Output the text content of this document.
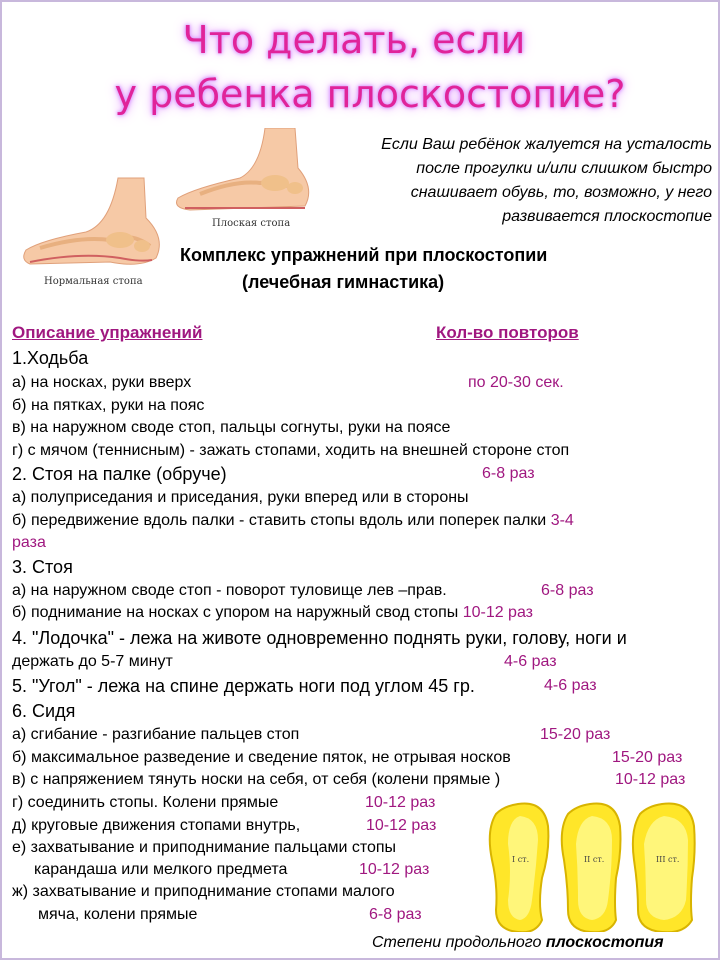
Что делать, если
у ребенка плоскостопие?
Плоская стопа
Нормальная стопа
Если Ваш ребёнок жалуется на усталость
после прогулки и/или слишком быстро
снашивает обувь, то, возможно, у него
развивается плоскостопие
Комплекс упражнений при плоскостопии
(лечебная гимнастика)
Описание упражнений	Кол-во повторов
1.Ходьба
а) на носках, руки вверх	по 20-30 сек.
б) на пятках, руки на пояс
в) на наружном своде стоп, пальцы согнуты, руки на поясе
г) с мячом (теннисным) - зажать стопами, ходить на внешней стороне стоп
2. Стоя на палке (обруче)	6-8 раз
а) полуприседания и приседания, руки вперед или в стороны
б) передвижение вдоль палки - ставить стопы вдоль или поперек палки 3-4
раза
3. Стоя
а) на наружном своде стоп - поворот туловище лев –прав.	6-8 раз
б) поднимание на носках с упором на наружный свод стопы 10-12 раз
4. "Лодочка" - лежа на животе одновременно поднять руки, голову, ноги и
держать до 5-7 минут	4-6 раз
5. "Угол" - лежа на спине держать ноги под углом 45 гр.	4-6 раз
6. Сидя
а) сгибание - разгибание пальцев стоп	15-20 раз
б) максимальное разведение и сведение пяток, не отрывая носков	15-20 раз
в) с напряжением тянуть носки на себя, от себя (колени прямые )	10-12 раз
г) соединить стопы. Колени прямые	10-12 раз
д) круговые движения стопами внутрь,	10-12 раз
е) захватывание и приподнимание пальцами стопы
карандаша или мелкого предмета	10-12 раз
ж) захватывание и приподнимание стопами малого
мяча, колени прямые	6-8 раз
I ст.	II ст.	III ст.
Степени продольного плоскостопия
